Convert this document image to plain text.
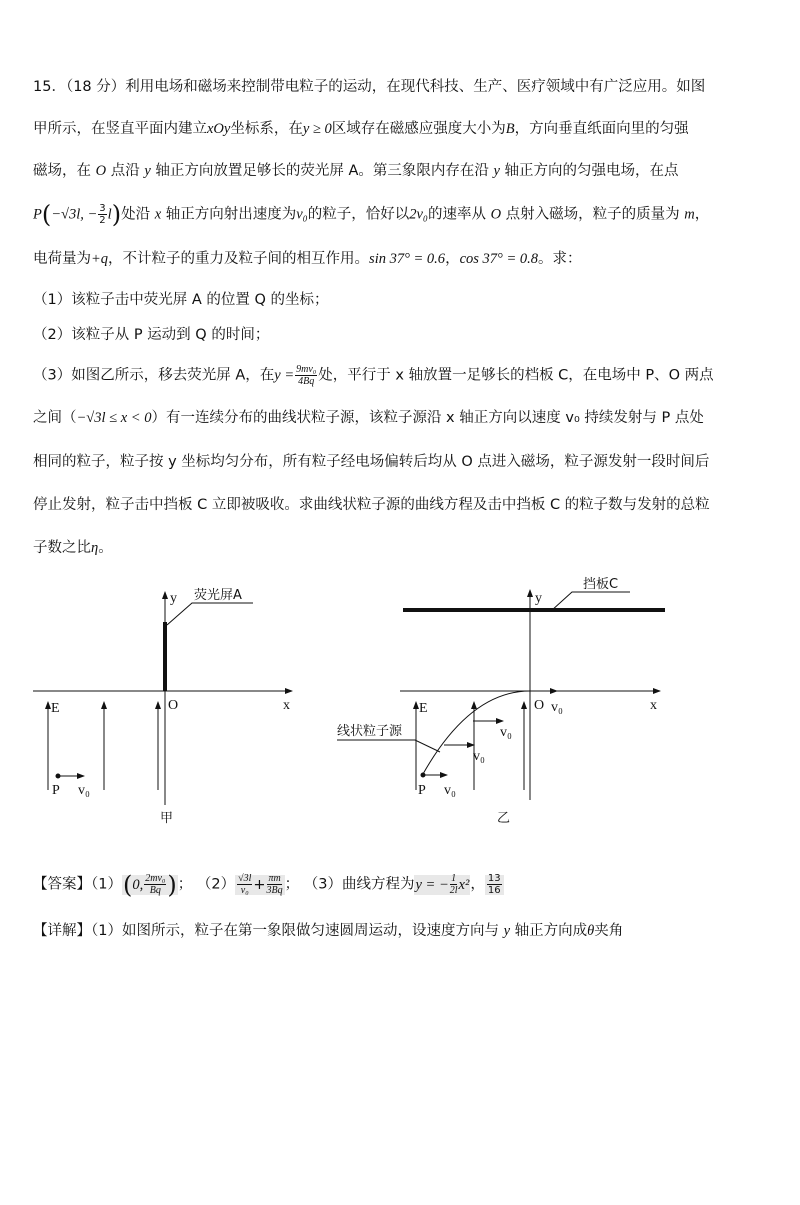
15．（18 分）利用电场和磁场来控制带电粒子的运动，在现代科技、生产、医疗领域中有广泛应用。如图
甲所示，在竖直平面内建立xOy坐标系，在y ≥ 0区域存在磁感应强度大小为B，方向垂直纸面向里的匀强
磁场，在 O 点沿 y 轴正方向放置足够长的荧光屏 A。第三象限内存在沿 y 轴正方向的匀强电场，在点
P(−√3l, − $\frac{3}{2} l$)处沿 x 轴正方向射出速度为v₀的粒子，恰好以2v₀的速率从 O 点射入磁场，粒子的质量为 m，
电荷量为+q，不计粒子的重力及粒子间的相互作用。sin 37° = 0.6，cos 37° = 0.8。求：
（1）该粒子击中荧光屏 A 的位置 Q 的坐标；
（2）该粒子从 P 运动到 Q 的时间；
（3）如图乙所示，移去荧光屏 A，在$y = \frac{\text{9mv₀}}{4Bq}$ 处，平行于 x 轴放置一足够长的档板 C，在电场中 P、O 两点
之间（−√3l ≤ x < 0）有一连续分布的曲线状粒子源，该粒子源沿 x 轴正方向以速度 v₀ 持续发射与 P 点处
相同的粒子，粒子按 y 坐标均匀分布，所有粒子经电场偏转后均从 O 点进入磁场，粒子源发射一段时间后
停止发射，粒子击中挡板 C 立即被吸收。求曲线状粒子源的曲线方程及击中挡板 C 的粒子数与发射的总粒
子数之比η。
y 荧光屏A
x
O
E
P v₀
甲
y
挡板C
x
O v₀
E
线状粒子源	v₀
v₀
P v₀
乙
【答案】（1）(0, $\frac{\text{2mv₀}}{Bq}$ )； $(2) \frac{√3l}{\text{v₀}} + \frac{\pi m}{3Bq}$ ； （3）曲线方程为y = − $\frac{1}{2l} x^2$， $\frac{13}{16}$
【详解】（1）如图所示，粒子在第一象限做匀速圆周运动，设速度方向与 y 轴正方向成θ夹角
